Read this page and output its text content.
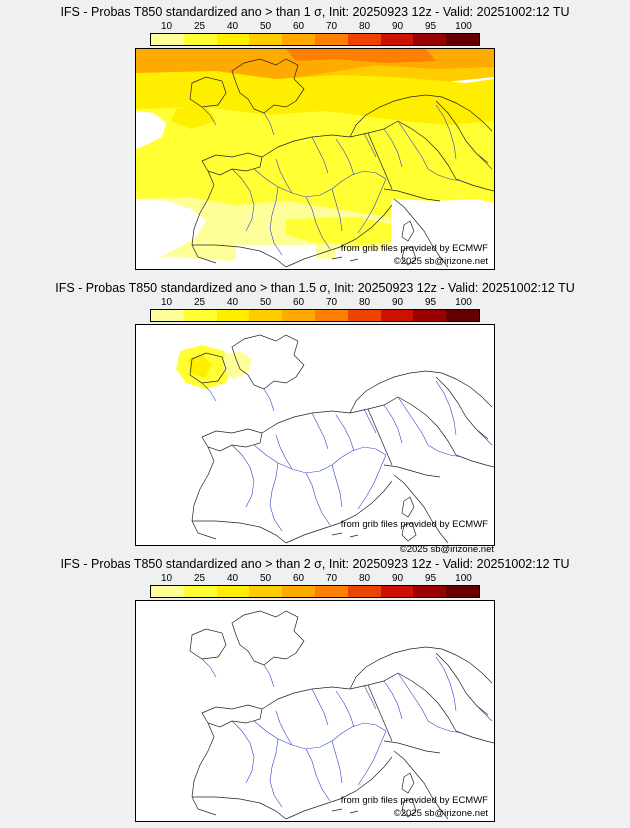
IFS - Probas T850 standardized ano > than 1 σ, Init: 20250923 12z - Valid: 20251002:12 TU
10 25 40 50 60 70 80 90 95 100
from grib files provided by ECMWF
©2025 sb@irizone.net
IFS - Probas T850 standardized ano > than 1.5 σ, Init: 20250923 12z - Valid: 20251002:12 TU
10 25 40 50 60 70 80 90 95 100
from grib files provided by ECMWF
©2025 sb@irizone.net
IFS - Probas T850 standardized ano > than 2 σ, Init: 20250923 12z - Valid: 20251002:12 TU
10 25 40 50 60 70 80 90 95 100
from grib files provided by ECMWF
©2025 sb@irizone.net
